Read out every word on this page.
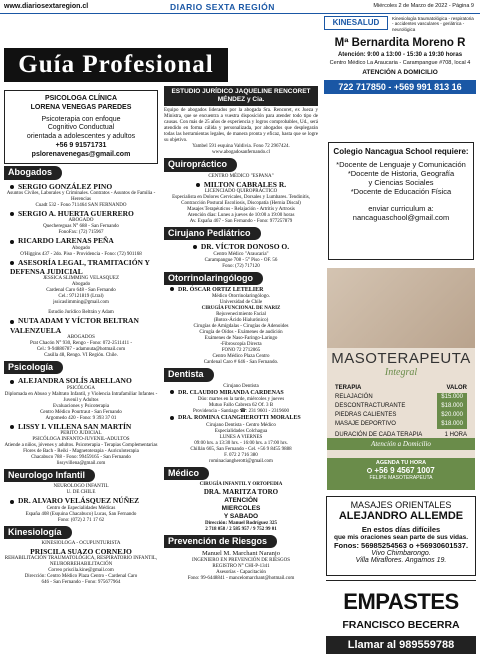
www.diariosextaregion.cl	DIARIO SEXTA REGIÓN	Miércoles 2 de Marzo de 2022 - Página 9
Guía Profesional
PSICOLOGA CLÍNICA
LORENA VENEGAS PAREDES
Psicoterapia con enfoque
Cognitivo Conductual
orientada a adolescentes y adultos
+56 9 91571731
pslorenavenegas@gmail.com
Abogados
SERGIO GONZÁLEZ PINO
Asuntos Civiles, Laborales y Criminales. Contratos - Asuntos de Familia - Herencias
Cuadt 532 - Fono 711464 SAN FERNANDO
SERGIO A. HUERTA GUERRERO
ABOGADO
Quechereguas N° 688 - San Fernando
FonoFax: (72) 715967
RICARDO LARENAS PEÑA
Abogado
O'Higgins 437 - 2do. Piso - Providencia - Fono: (72) 901168
ASESORÍA LEGAL, TRAMITACIÓN Y DEFENSA JUDICIAL
JESSICA SLIMMING VELASQUEZ
Abogado
Cardenal Caro 648 - San Fernando
Cel.: 97121819 (Ltral)
jssicaslimming@gmail.com
Estudio Jurídico Beltrán y Adam
NUTA ADAM Y VÍCTOR BELTRAN VALENZUELA
ABOGADOS
Prat Chacón N° 930, Rengo - Fono: 072-2511411 -
Cel.: 9-94886787 - adamnuta@hotmail.com
Casilla 48, Rengo. VI Región. Chile.
Psicología
ALEJANDRA SOLÍS ARELLANO
PSICÓLOGA
Diplomada en Abuso y Maltrato Infantil, y Violencia Intrafamiliar Infantes - Juvenil y Adultos
Evaluaciones y Psicoterapia
Centro Médico Pourtraut - San Fernando
Argomedo 420 - Fono: 9 393 37 01
LISSY I. VILLENA SAN MARTÍN
PERITO JUDICIAL
PSICÓLOGA INFANTO-JUVENIL-ADULTOS
Atiende a niños, jóvenes y adultos. Psicoterapia - Terapias Complementarias
Flores de Bach - Reiki - Magnetoterapia - Auriculoterapia
Chacabuco 788 - Fono: 99459165 - San Fernando
lissyvillena@gmail.com
Neurologo Infantil
NEUROLOGO INFANTIL
U. DE CHILE
DR. ALVARO VELÁSQUEZ NÚÑEZ
Centro de Especialidades Médicas
España 408 (Esquina Chacabuco) Lucas, San Fernando
Fono: (072) 2 71 17 62
Kinesiología
KINESIOLOGA - OCUPUNTURISTA
PRISCILA SUAZO CORNEJO
REHABILITACIÓN TRAUMATOLÓGICA, RESPIRATORIO INFANTIL, NEURORREHABILITACIÓN
Correo priscila.kine@gmail.com
Dirección: Centro Médico Plaza Centro - Cardenal Caro
646 - San Fernando - Fono: 975677964
ESTUDIO JURÍDICO JAQUELINE RENCORET MÉNDEZ y Cia.
Equipo de abogados liderados por la abogada Sra. Rencoret, ex Jueza y Ministra, que se encuentra a vuestra disposición para atender todo tipo de causas. Con más de 25 años de experiencia y logros comprobables, Ud., será atendido en forma cálida y personalizada, por abogados que desplegarán todas las herramientas legales, de manera pronta y eficaz, hasta que se logre su objetivo.
Yambel 591 esquina Valdivia. Fono 72 2967424.
www.abogadosanfernando.cl
Quiropráctico
CENTRO MÉDICO "ESPANA"
MILTON CABRALES R.
LICENCIADO QUIROPRÁCTICO
Especialista en Dolores Cervicales, Dorsales y Lumbares. Tendinitis, Contracción Postural Escoliosis, Discopatía (Hernia Discal)
Masajes Terapéuticos - Relajación - Artritis y Artrosis
Atención días: Lunes a jueves de 10:00 a 19:00 horas
Av. España 467 - San Fernando - Fono: 977257879
Cirujano Pediátrico
DR. VÍCTOR DONOSO O.
Centro Médico "Araucaria"
Carampangue 708 - 5° Piso - OF. 56
Fono: (72) 717120
Otorrinolaringólogo
DR. ÓSCAR ORTIZ LETELIER
Médico Otorrinolaringólogo.
Universidad de Chile
CIRUGÍA FUNCIONAL DE NARIZ
Rejuvenecimiento Facial
(Botox-Ácido Hialurónico)
Cirugías de Amígdalas - Cirugías de Adenoides
Cirugía de Oídos - Exámenes de audición
Exámenes de Naso-Faringo-Laringo
-Fibroscopía Directa
FONO 72 2712065
Centro Médico Plaza Centro
Cardenal Caro # 646 - San Fernando.
Dentista
Cirujano Dentista
DR. CLAUDIO MIRANDA CARDENAS
Dúo: martes en la tarde, miércoles y jueves
Mutuo Fallo Cabrera 62 Of. 3 B
Providencia - Santiago ☎: 231 9601 - 2319600
DRA. ROMINA CIANGHEROTTI MORALES
Cirujano Dentista - Centro Médico
Especialidades Colchagua
LUNES A VIERNES
09:00 hrs. a 13:30 hrs. - 16:00 hrs. a 17:00 hrs.
Chillán 665, San Fernando - Cel. +56 9 8455 9888
F. 072 2 716 380
rominaciangherotti@gmail.com
Médico
CIRUGÍA INFANTIL Y ORTOPEDIA
DRA. MARITZA TORO
ATENCIÓN
MIERCOLES
Y SABADO
Dirección: Manuel Rodríguez 325
2 718 058 / 2 585 957 / 9 752 99 01
Prevención de Riesgos
Manuel M. Marchant Naranjo
INGENIERO EN PREVENCIÓN DE RIESGOS
REGISTRO N° CHI-P-1341
Asesorías - Capacitación
Fono: 99-6448841 - mancelomarchant@hotmail.com
KINESALUD	Kinesiología traumatológica - respiratoria - accidentes vasculares - geriátrica - neurológica
Mª Bernardita Moreno R
Atención: 9:00 a 13:00 - 15:30 a 19:30 horas
Centro Médico La Araucaria - Carampangue #708, local 4
ATENCIÓN A DOMICILIO
722 717850 - +569 991 813 16
Colegio Nancagua School requiere:
*Docente de Lenguaje y Comunicación
*Docente de Historia, Geografía
y Ciencias Sociales
*Docente de Educación Física
enviar curriculum a:
nancaguaschool@gmail.com
MASOTERAPEUTA
Integral
TERAPIA	VALOR
RELAJACIÓN	$15.000
DESCONTRACTURANTE	$18.000
PIEDRAS CALIENTES	$20.000
MASAJE DEPORTIVO	$18.000
DURACIÓN DE CADA TERAPIA	1 HORA
Atención a Domicilio
AGENDA TU HORA
+56 9 4567 1007
FELIPE MASOTERAPEUTA
MASAJES ORIENTALES
ALEJANDRO ALLEMDE
En estos días difíciles
que mis oraciones sean parte de sus vidas.
Fonos: 56985254563 o +56930601537.
Vivo Chimbarongo.
Villa Miraflores. Angamos 19.
EMPASTES
FRANCISCO BECERRA
Llamar al 989559788
